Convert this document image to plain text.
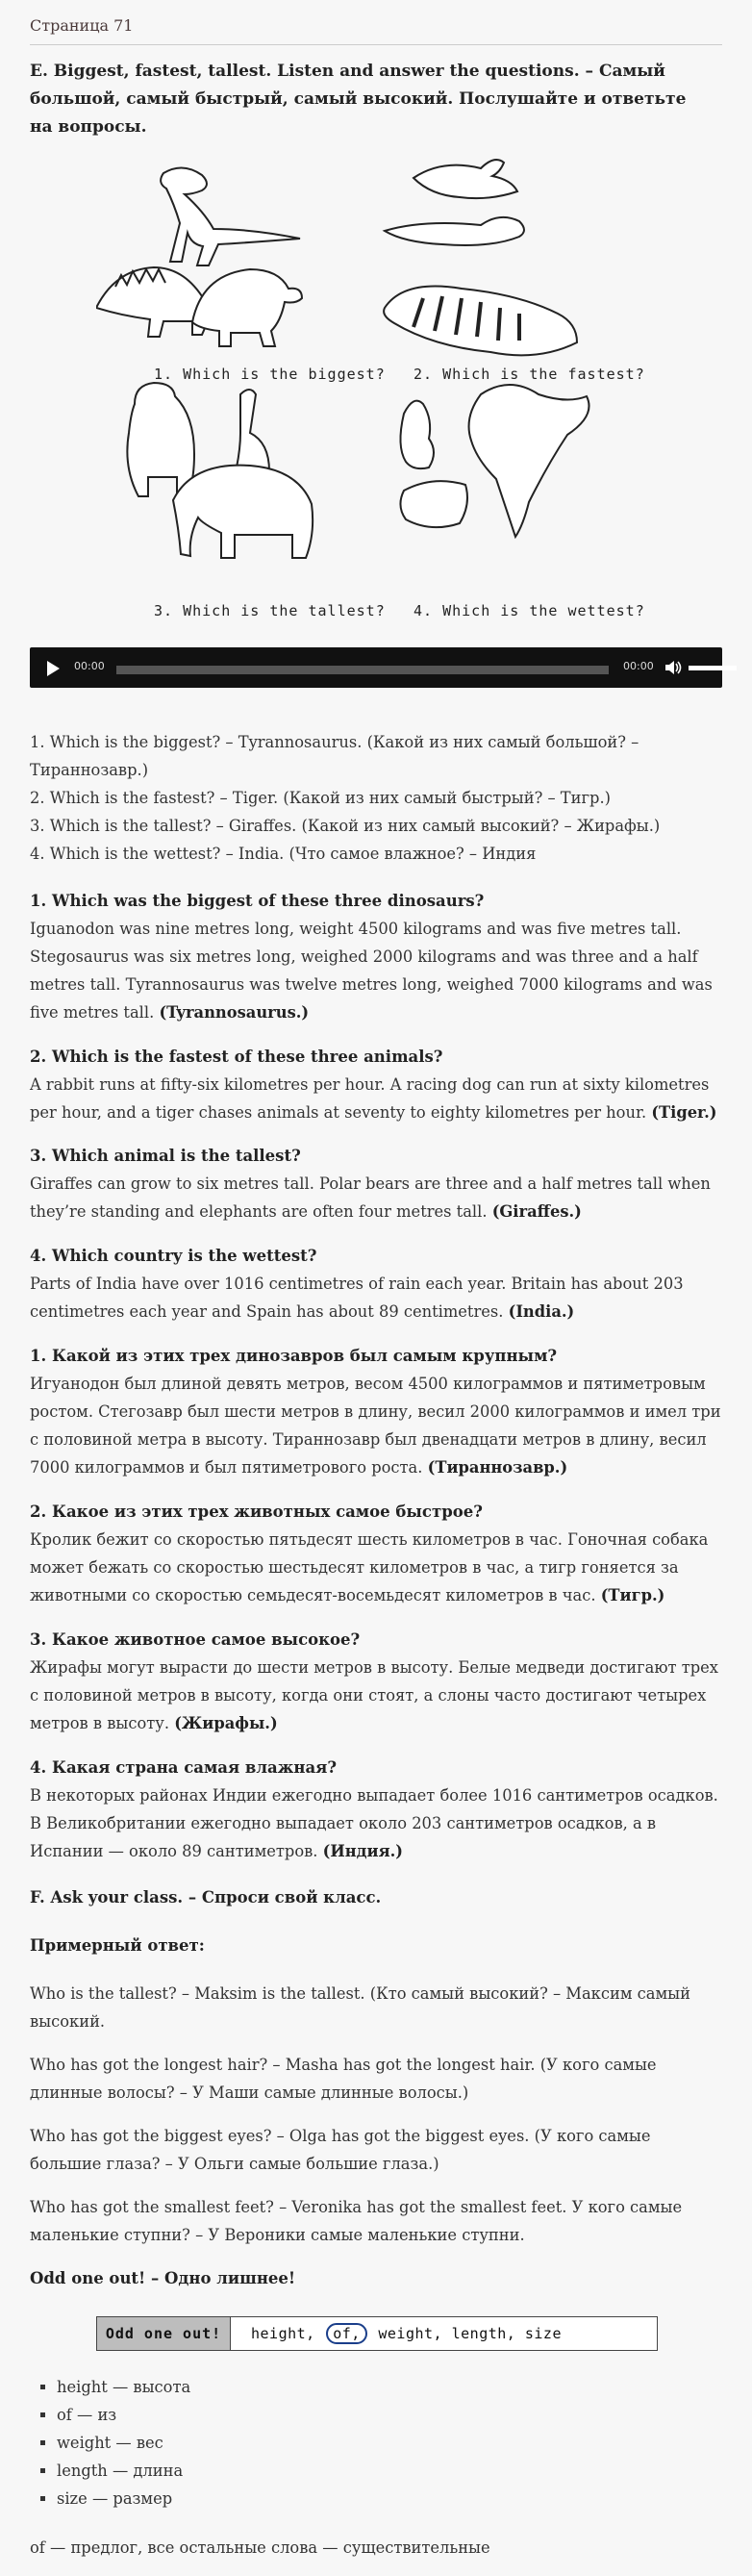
Страница 71
E. Biggest, fastest, tallest. Listen and answer the questions. – Самый большой, самый быстрый, самый высокий. Послушайте и ответьте на вопросы.
1. Which is the biggest? 2. Which is the fastest?
3. Which is the tallest? 4. Which is the wettest?
00:00	00:00

1. Which is the biggest? – Tyrannosaurus. (Какой из них самый большой? – Тираннозавр.)

2. Which is the fastest? – Tiger. (Какой из них самый быстрый? – Тигр.)

3. Which is the tallest? – Giraffes. (Какой из них самый высокий? – Жирафы.)

4. Which is the wettest? – India. (Что самое влажное? – Индия

1. Which was the biggest of these three dinosaurs?

Iguanodon was nine metres long, weight 4500 kilograms and was five metres tall. Stegosaurus was six metres long, weighed 2000 kilograms and was three and a half metres tall. Tyrannosaurus was twelve metres long, weighed 7000 kilograms and was five metres tall. (Tyrannosaurus.)

2. Which is the fastest of these three animals?

A rabbit runs at fifty-six kilometres per hour. A racing dog can run at sixty kilometres per hour, and a tiger chases animals at seventy to eighty kilometres per hour. (Tiger.)

3. Which animal is the tallest?

Giraffes can grow to six metres tall. Polar bears are three and a half metres tall when they’re standing and elephants are often four metres tall. (Giraffes.)

4. Which country is the wettest?

Parts of India have over 1016 centimetres of rain each year. Britain has about 203 centimetres each year and Spain has about 89 centimetres. (India.)

1. Какой из этих трех динозавров был самым крупным?

Игуанодон был длиной девять метров, весом 4500 килограммов и пятиметровым ростом. Стегозавр был шести метров в длину, весил 2000 килограммов и имел три с половиной метра в высоту. Тираннозавр был двенадцати метров в длину, весил 7000 килограммов и был пятиметрового роста. (Тираннозавр.)

2. Какое из этих трех животных самое быстрое?

Кролик бежит со скоростью пятьдесят шесть километров в час. Гоночная собака может бежать со скоростью шестьдесят километров в час, а тигр гоняется за животными со скоростью семьдесят-восемьдесят километров в час. (Тигр.)

3. Какое животное самое высокое?

Жирафы могут вырасти до шести метров в высоту. Белые медведи достигают трех с половиной метров в высоту, когда они стоят, а слоны часто достигают четырех метров в высоту. (Жирафы.)

4. Какая страна самая влажная?

В некоторых районах Индии ежегодно выпадает более 1016 сантиметров осадков. В Великобритании ежегодно выпадает около 203 сантиметров осадков, а в Испании — около 89 сантиметров. (Индия.)

F. Ask your class. – Спроси свой класс.

Примерный ответ:

Who is the tallest? – Maksim is the tallest. (Кто самый высокий? – Максим самый высокий.

Who has got the longest hair? – Masha has got the longest hair. (У кого самые длинные волосы? – У Маши самые длинные волосы.)

Who has got the biggest eyes? – Olga has got the biggest eyes. (У кого самые большие глаза? – У Ольги самые большие глаза.)

Who has got the smallest feet? – Veronika has got the smallest feet. У кого самые маленькие ступни? – У Вероники самые маленькие ступни.

Odd one out! – Одно лишнее!

Odd one out!	height,
	of,
	weight,
length,
size
▪ height — высота
▪ of — из
▪ weight — вес
▪ length — длина
▪ size — размер

of — предлог, все остальные слова — существительные
